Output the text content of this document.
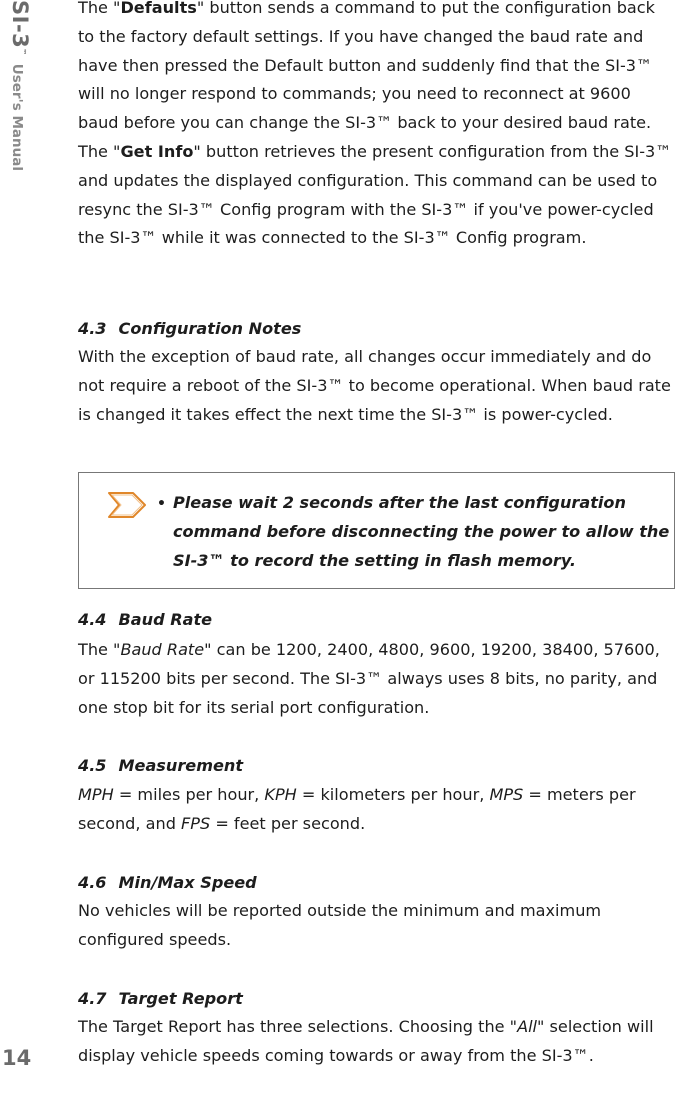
SI-3™
User's Manual
14

The "Defaults" button sends a command to put the configuration back to the factory default settings. If you have changed the baud rate and have then pressed the Default button and suddenly find that the SI-3™ will no longer respond to commands; you need to reconnect at 9600 baud before you can change the SI-3™ back to your desired baud rate. The "Get Info" button retrieves the present configuration from the SI-3™ and updates the displayed configuration. This command can be used to resync the SI-3™ Config program with the SI-3™ if you've power-cycled the SI-3™ while it was connected to the SI-3™ Config program.

4.3 Configuration Notes

With the exception of baud rate, all changes occur immediately and do not require a reboot of the SI-3™ to become operational. When baud rate is changed it takes effect the next time the SI-3™ is power-cycled.

4.4 Baud Rate

The "Baud Rate" can be 1200, 2400, 4800, 9600, 19200, 38400, 57600, or 115200 bits per second. The SI-3™ always uses 8 bits, no parity, and one stop bit for its serial port configuration.

4.5 Measurement

MPH = miles per hour, KPH = kilometers per hour, MPS = meters per second, and FPS = feet per second.

4.6 Min/Max Speed

No vehicles will be reported outside the minimum and maximum configured speeds.

4.7 Target Report

The Target Report has three selections. Choosing the "All" selection will display vehicle speeds coming towards or away from the SI-3™.

• Please wait 2 seconds after the last configuration
command before disconnecting the power to allow the
SI-3™ to record the setting in flash memory.
